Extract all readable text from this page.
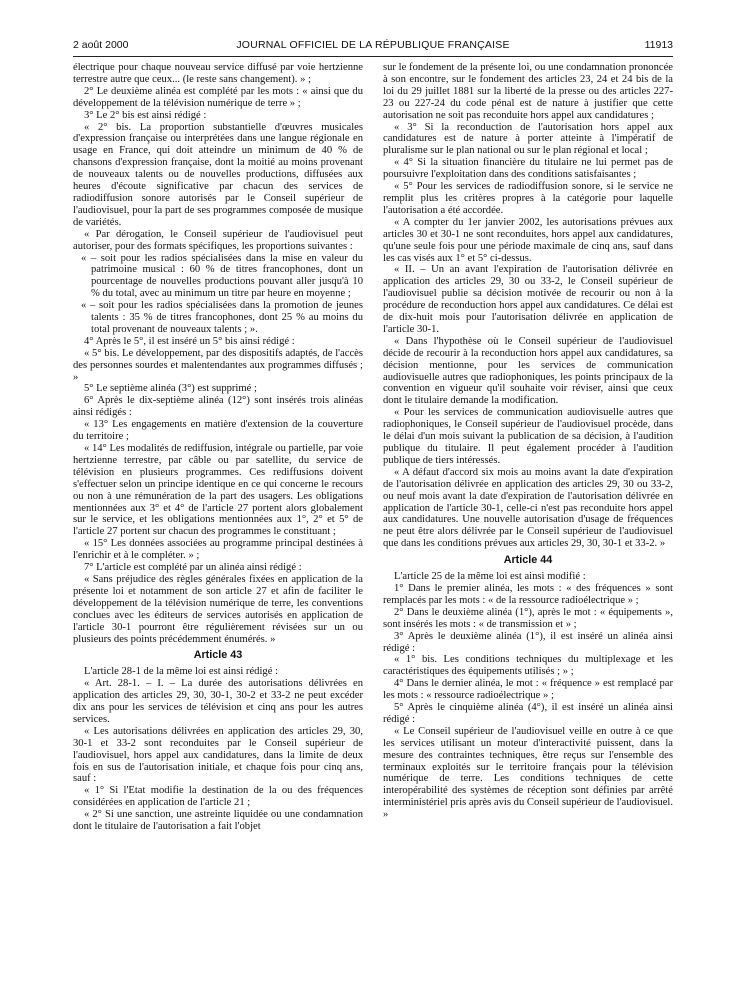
2 août 2000	JOURNAL OFFICIEL DE LA RÉPUBLIQUE FRANÇAISE	11913

électrique pour chaque nouveau service diffusé par voie hertzienne terrestre autre que ceux... (le reste sans changement). » ;

2° Le deuxième alinéa est complété par les mots : « ainsi que du développement de la télévision numérique de terre » ;

3° Le 2° bis est ainsi rédigé :

« 2° bis. La proportion substantielle d'œuvres musicales d'expression française ou interprétées dans une langue régionale en usage en France, qui doit atteindre un minimum de 40 % de chansons d'expression française, dont la moitié au moins provenant de nouveaux talents ou de nouvelles productions, diffusées aux heures d'écoute significative par chacun des services de radiodiffusion sonore autorisés par le Conseil supérieur de l'audiovisuel, pour la part de ses programmes composée de musique de variétés.

« Par dérogation, le Conseil supérieur de l'audiovisuel peut autoriser, pour des formats spécifiques, les proportions suivantes :

« – soit pour les radios spécialisées dans la mise en valeur du patrimoine musical : 60 % de titres francophones, dont un pourcentage de nouvelles productions pouvant aller jusqu'à 10 % du total, avec au minimum un titre par heure en moyenne ;

« – soit pour les radios spécialisées dans la promotion de jeunes talents : 35 % de titres francophones, dont 25 % au moins du total provenant de nouveaux talents ; ».

4° Après le 5°, il est inséré un 5° bis ainsi rédigé :

« 5° bis. Le développement, par des dispositifs adaptés, de l'accès des personnes sourdes et malentendantes aux programmes diffusés ; »

5° Le septième alinéa (3°) est supprimé ;

6° Après le dix-septième alinéa (12°) sont insérés trois alinéas ainsi rédigés :

« 13° Les engagements en matière d'extension de la couverture du territoire ;

« 14° Les modalités de rediffusion, intégrale ou partielle, par voie hertzienne terrestre, par câble ou par satellite, du service de télévision en plusieurs programmes. Ces rediffusions doivent s'effectuer selon un principe identique en ce qui concerne le recours ou non à une rémunération de la part des usagers. Les obligations mentionnées aux 3° et 4° de l'article 27 portent alors globalement sur le service, et les obligations mentionnées aux 1°, 2° et 5° de l'article 27 portent sur chacun des programmes le constituant ;

« 15° Les données associées au programme principal destinées à l'enrichir et à le compléter. » ;

7° L'article est complété par un alinéa ainsi rédigé :

« Sans préjudice des règles générales fixées en application de la présente loi et notamment de son article 27 et afin de faciliter le développement de la télévision numérique de terre, les conventions conclues avec les éditeurs de services autorisés en application de l'article 30-1 pourront être régulièrement révisées sur un ou plusieurs des points précédemment énumérés. »

Article 43

L'article 28-1 de la même loi est ainsi rédigé :

« Art. 28-1. – I. – La durée des autorisations délivrées en application des articles 29, 30, 30-1, 30-2 et 33-2 ne peut excéder dix ans pour les services de télévision et cinq ans pour les autres services.

« Les autorisations délivrées en application des articles 29, 30, 30-1 et 33-2 sont reconduites par le Conseil supérieur de l'audiovisuel, hors appel aux candidatures, dans la limite de deux fois en sus de l'autorisation initiale, et chaque fois pour cinq ans, sauf :

« 1° Si l'Etat modifie la destination de la ou des fréquences considérées en application de l'article 21 ;

« 2° Si une sanction, une astreinte liquidée ou une condamnation dont le titulaire de l'autorisation a fait l'objet

sur le fondement de la présente loi, ou une condamnation prononcée à son encontre, sur le fondement des articles 23, 24 et 24 bis de la loi du 29 juillet 1881 sur la liberté de la presse ou des articles 227-23 ou 227-24 du code pénal est de nature à justifier que cette autorisation ne soit pas reconduite hors appel aux candidatures ;

« 3° Si la reconduction de l'autorisation hors appel aux candidatures est de nature à porter atteinte à l'impératif de pluralisme sur le plan national ou sur le plan régional et local ;

« 4° Si la situation financière du titulaire ne lui permet pas de poursuivre l'exploitation dans des conditions satisfaisantes ;

« 5° Pour les services de radiodiffusion sonore, si le service ne remplit plus les critères propres à la catégorie pour laquelle l'autorisation a été accordée.

« A compter du 1er janvier 2002, les autorisations prévues aux articles 30 et 30-1 ne sont reconduites, hors appel aux candidatures, qu'une seule fois pour une période maximale de cinq ans, sauf dans les cas visés aux 1° et 5° ci-dessus.

« II. – Un an avant l'expiration de l'autorisation délivrée en application des articles 29, 30 ou 33-2, le Conseil supérieur de l'audiovisuel publie sa décision motivée de recourir ou non à la procédure de reconduction hors appel aux candidatures. Ce délai est de dix-huit mois pour l'autorisation délivrée en application de l'article 30-1.

« Dans l'hypothèse où le Conseil supérieur de l'audiovisuel décide de recourir à la reconduction hors appel aux candidatures, sa décision mentionne, pour les services de communication audiovisuelle autres que radiophoniques, les points principaux de la convention en vigueur qu'il souhaite voir réviser, ainsi que ceux dont le titulaire demande la modification.

« Pour les services de communication audiovisuelle autres que radiophoniques, le Conseil supérieur de l'audiovisuel procède, dans le délai d'un mois suivant la publication de sa décision, à l'audition publique du titulaire. Il peut également procéder à l'audition publique de tiers intéressés.

« A défaut d'accord six mois au moins avant la date d'expiration de l'autorisation délivrée en application des articles 29, 30 ou 33-2, ou neuf mois avant la date d'expiration de l'autorisation délivrée en application de l'article 30-1, celle-ci n'est pas reconduite hors appel aux candidatures. Une nouvelle autorisation d'usage de fréquences ne peut être alors délivrée par le Conseil supérieur de l'audiovisuel que dans les conditions prévues aux articles 29, 30, 30-1 et 33-2. »

Article 44

L'article 25 de la même loi est ainsi modifié :

1° Dans le premier alinéa, les mots : « des fréquences » sont remplacés par les mots : « de la ressource radioélectrique » ;

2° Dans le deuxième alinéa (1°), après le mot : « équipements », sont insérés les mots : « de transmission et » ;

3° Après le deuxième alinéa (1°), il est inséré un alinéa ainsi rédigé :

« 1° bis. Les conditions techniques du multiplexage et les caractéristiques des équipements utilisés ; » ;

4° Dans le dernier alinéa, le mot : « fréquence » est remplacé par les mots : « ressource radioélectrique » ;

5° Après le cinquième alinéa (4°), il est inséré un alinéa ainsi rédigé :

« Le Conseil supérieur de l'audiovisuel veille en outre à ce que les services utilisant un moteur d'interactivité puissent, dans la mesure des contraintes techniques, être reçus sur l'ensemble des terminaux exploités sur le territoire français pour la télévision numérique de terre. Les conditions techniques de cette interopérabilité des systèmes de réception sont définies par arrêté interministériel pris après avis du Conseil supérieur de l'audiovisuel. »
